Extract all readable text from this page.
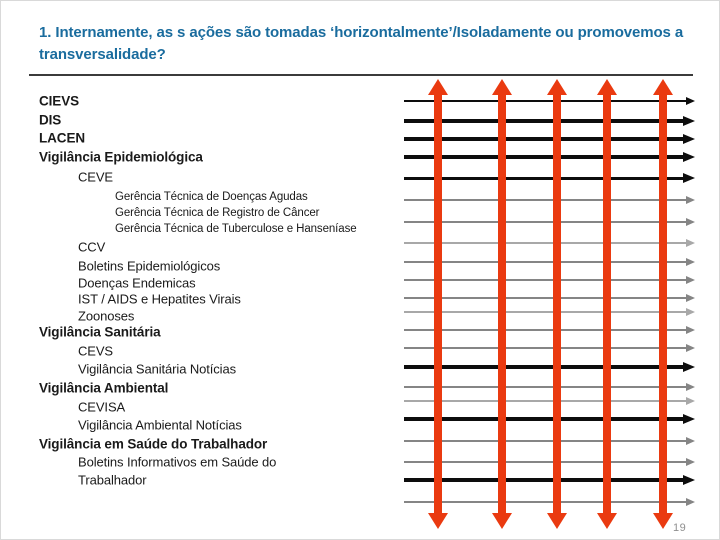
1. Internamente, as s ações são tomadas ‘horizontalmente’/Isoladamente ou promovemos a  transversalidade?
CIEVS
DIS
LACEN
Vigilância Epidemiológica
CEVE
Gerência Técnica de Doenças Agudas
Gerência Técnica de Registro de Câncer
Gerência Técnica de Tuberculose e Hanseníase
CCV
Boletins Epidemiológicos
Doenças Endemicas
IST / AIDS e Hepatites Virais
Zoonoses
Vigilância Sanitária
CEVS
Vigilância Sanitária Notícias
Vigilância Ambiental
CEVISA
Vigilância Ambiental Notícias
Vigilância em Saúde do Trabalhador
Boletins Informativos em Saúde do
Trabalhador
19
